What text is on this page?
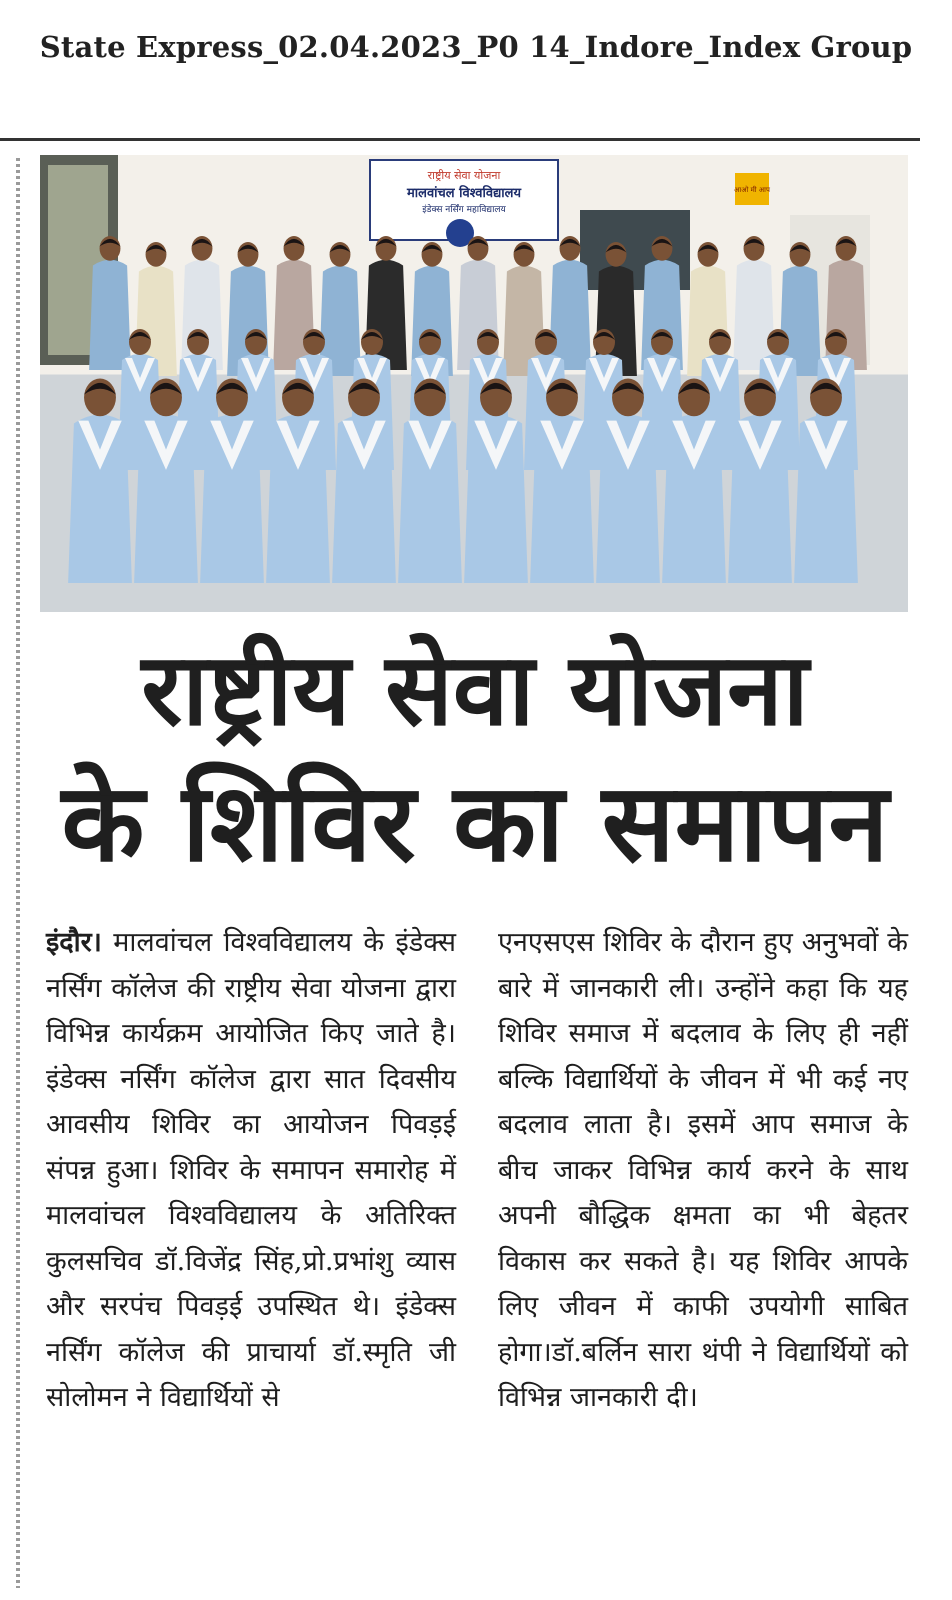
State Express_02.04.2023_P0 14_Indore_Index Group
राष्ट्रीय सेवा योजना
मालवांचल विश्वविद्यालय
इंडेक्स नर्सिंग महाविद्यालय
आओ मी आप
राष्ट्रीय सेवा योजना
के शिविर का समापन
इंदौर। मालवांचल विश्वविद्यालय के इंडेक्स नर्सिंग कॉलेज की राष्ट्रीय सेवा योजना द्वारा विभिन्न कार्यक्रम आयोजित किए जाते है। इंडेक्स नर्सिंग कॉलेज द्वारा सात दिवसीय आवसीय शिविर का आयोजन पिवड़ई संपन्न हुआ। शिविर के समापन समारोह में मालवांचल विश्वविद्यालय के अतिरिक्त कुलसचिव डॉ.विजेंद्र सिंह,प्रो.प्रभांशु व्यास और सरपंच पिवड़ई उपस्थित थे। इंडेक्स नर्सिंग कॉलेज की प्राचार्या डॉ.स्मृति जी सोलोमन ने विद्यार्थियों से
एनएसएस शिविर के दौरान हुए अनुभवों के बारे में जानकारी ली। उन्होंने कहा कि यह शिविर समाज में बदलाव के लिए ही नहीं बल्कि विद्यार्थियों के जीवन में भी कई नए बदलाव लाता है। इसमें आप समाज के बीच जाकर विभिन्न कार्य करने के साथ अपनी बौद्धिक क्षमता का भी बेहतर विकास कर सकते है। यह शिविर आपके लिए जीवन में काफी उपयोगी साबित होगा।डॉ.बर्लिन सारा थंपी ने विद्यार्थियों को विभिन्न जानकारी दी।
